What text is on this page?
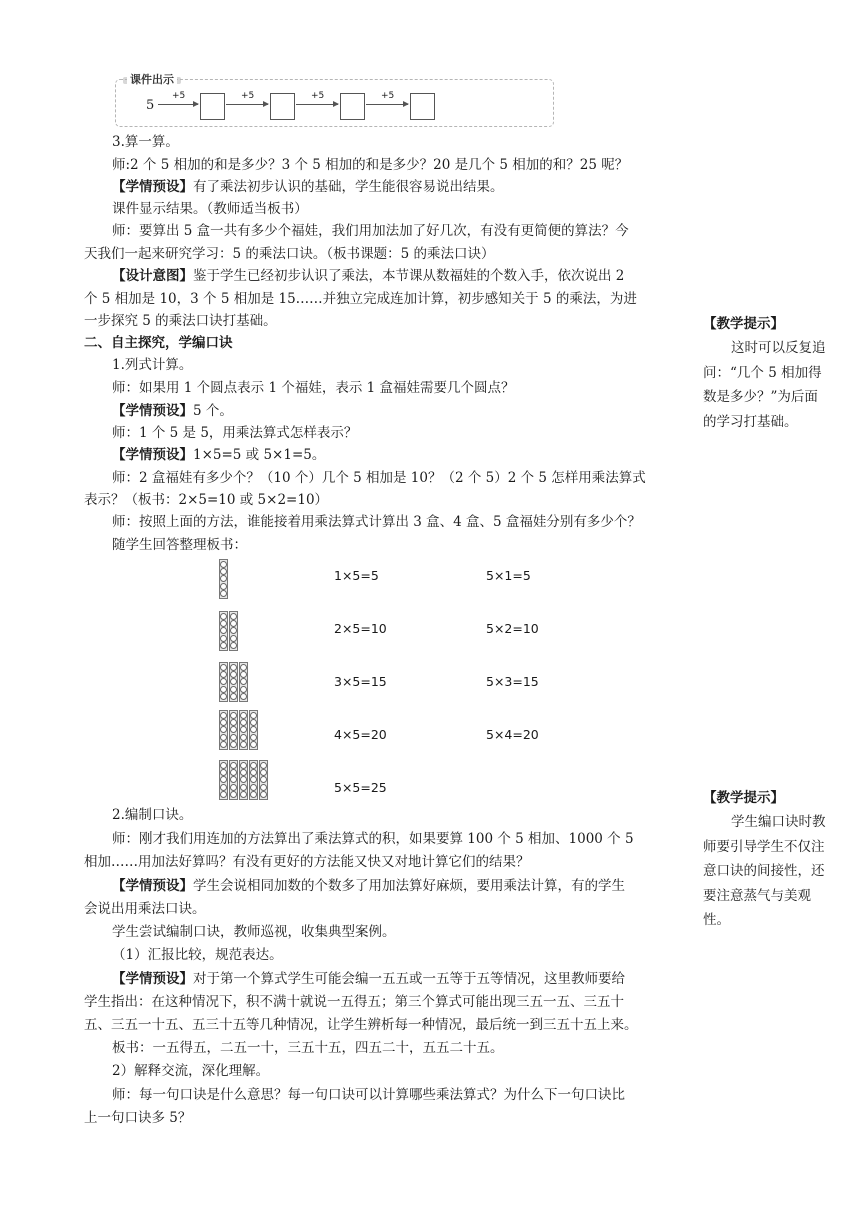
课件出示
5
+5	+5	+5	+5
3.算一算。
师:2 个 5 相加的和是多少？3 个 5 相加的和是多少？20 是几个 5 相加的和？25 呢？
【学情预设】有了乘法初步认识的基础，学生能很容易说出结果。
课件显示结果。（教师适当板书）
师：要算出 5 盒一共有多少个福娃，我们用加法加了好几次，有没有更简便的算法？今
天我们一起来研究学习：5 的乘法口诀。（板书课题：5 的乘法口诀）
【设计意图】鉴于学生已经初步认识了乘法，本节课从数福娃的个数入手，依次说出 2
个 5 相加是 10，3 个 5 相加是 15……并独立完成连加计算，初步感知关于 5 的乘法，为进
一步探究 5 的乘法口诀打基础。
二、自主探究，学编口诀
1.列式计算。
师：如果用 1 个圆点表示 1 个福娃，表示 1 盒福娃需要几个圆点？
【学情预设】5 个。
师：1 个 5 是 5，用乘法算式怎样表示？
【学情预设】1×5=5 或 5×1=5。
师：2 盒福娃有多少个？（10 个）几个 5 相加是 10？（2 个 5）2 个 5 怎样用乘法算式
表示？（板书：2×5=10 或 5×2=10）
师：按照上面的方法，谁能接着用乘法算式计算出 3 盒、4 盒、5 盒福娃分别有多少个？
随学生回答整理板书：
2.编制口诀。
师：刚才我们用连加的方法算出了乘法算式的积，如果要算 100 个 5 相加、1000 个 5
相加……用加法好算吗？有没有更好的方法能又快又对地计算它们的结果？
【学情预设】学生会说相同加数的个数多了用加法算好麻烦，要用乘法计算，有的学生
会说出用乘法口诀。
学生尝试编制口诀，教师巡视，收集典型案例。
（1）汇报比较，规范表达。
【学情预设】对于第一个算式学生可能会编一五五或一五等于五等情况，这里教师要给
学生指出：在这种情况下，积不满十就说一五得五；第三个算式可能出现三五一五、三五十
五、三五一十五、五三十五等几种情况，让学生辨析每一种情况，最后统一到三五十五上来。
板书：一五得五，二五一十，三五十五，四五二十，五五二十五。
2）解释交流，深化理解。
师：每一句口诀是什么意思？每一句口诀可以计算哪些乘法算式？为什么下一句口诀比
上一句口诀多 5？
1×5=5	5×1=5
2×5=10	5×2=10
3×5=15	5×3=15
4×5=20	5×4=20
5×5=25
【教学提示】
这时可以反复追问：“几个 5 相加得数是多少？”为后面的学习打基础。
【教学提示】
学生编口诀时教师要引导学生不仅注意口诀的间接性，还要注意蒸气与美观性。
